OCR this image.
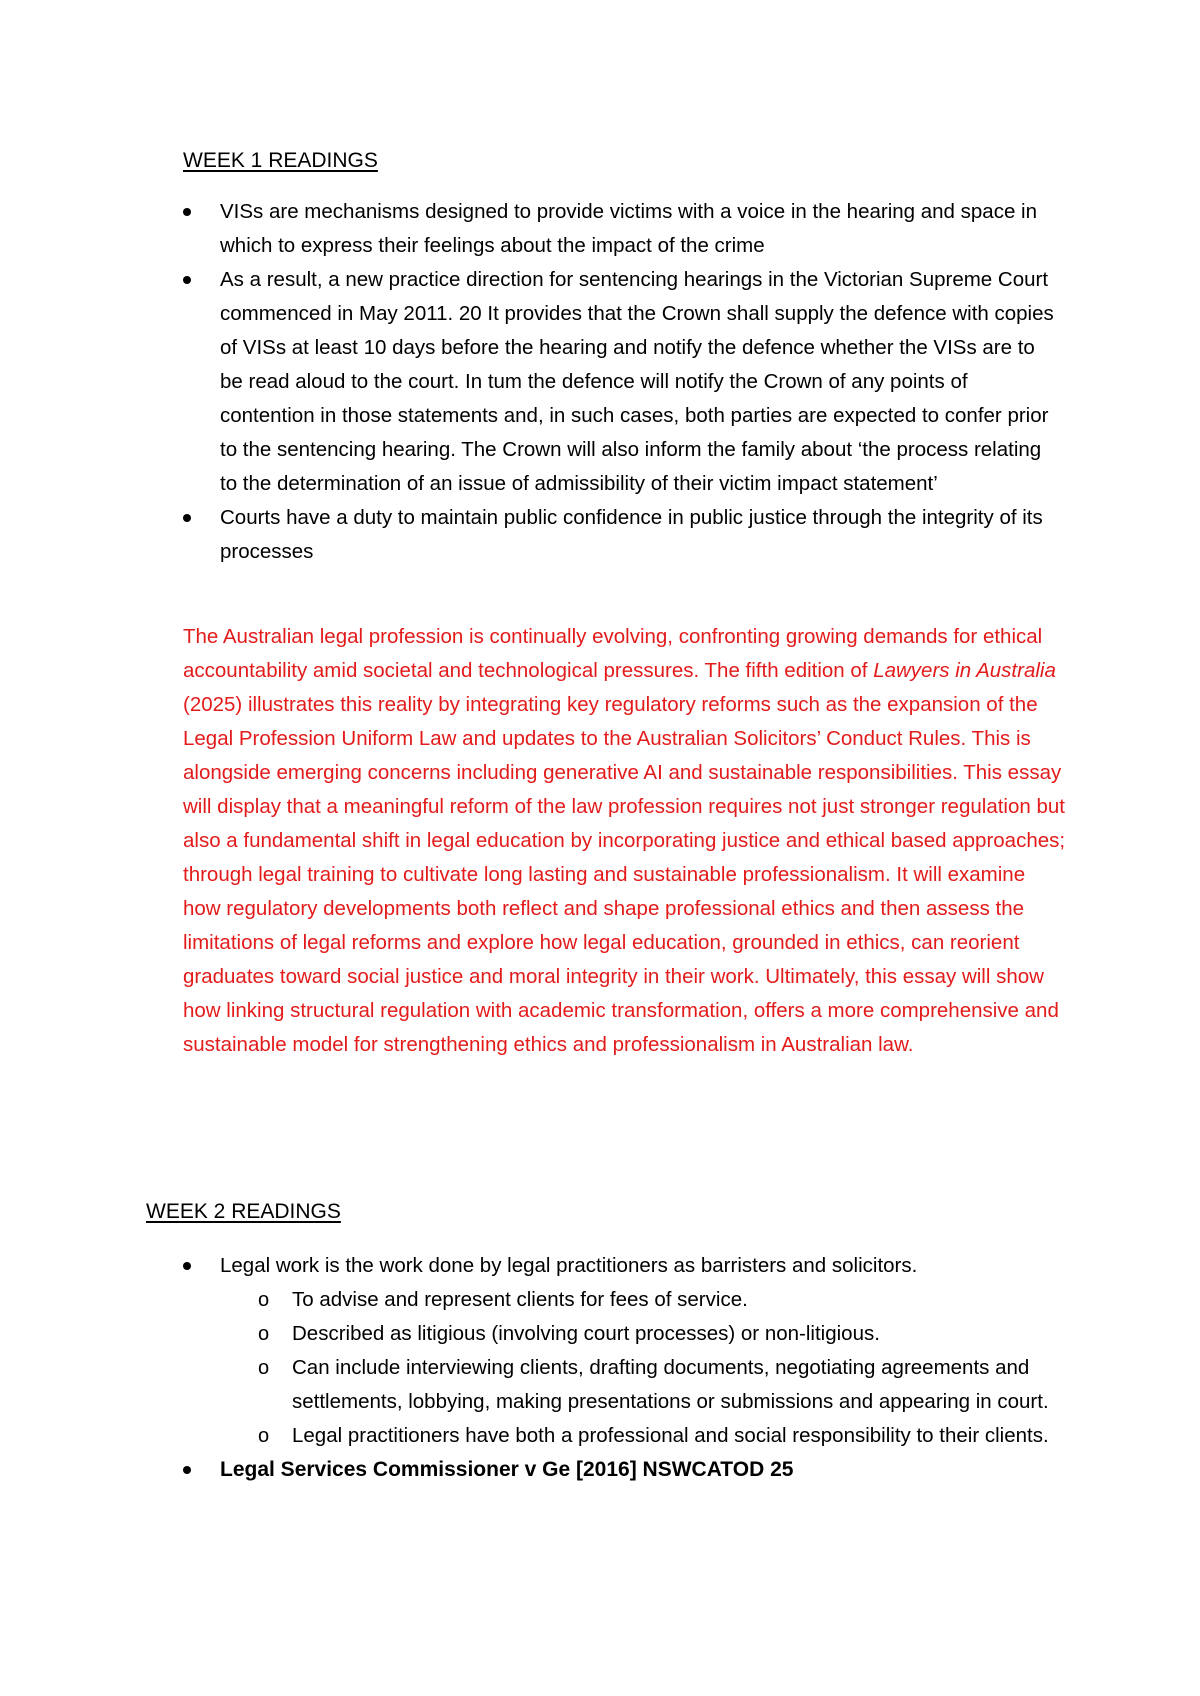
WEEK 1 READINGS
VISs are mechanisms designed to provide victims with a voice in the hearing and space in which to express their feelings about the impact of the crime
As a result, a new practice direction for sentencing hearings in the Victorian Supreme Court commenced in May 2011. 20 It provides that the Crown shall supply the defence with copies of VISs at least 10 days before the hearing and notify the defence whether the VISs are to be read aloud to the court. In tum the defence will notify the Crown of any points of contention in those statements and, in such cases, both parties are expected to confer prior to the sentencing hearing. The Crown will also inform the family about ‘the process relating to the determination of an issue of admissibility of their victim impact statement’
Courts have a duty to maintain public confidence in public justice through the integrity of its processes

The Australian legal profession is continually evolving, confronting growing demands for ethical accountability amid societal and technological pressures. The fifth edition of Lawyers in Australia (2025) illustrates this reality by integrating key regulatory reforms such as the expansion of the Legal Profession Uniform Law and updates to the Australian Solicitors’ Conduct Rules. This is alongside emerging concerns including generative AI and sustainable responsibilities. This essay will display that a meaningful reform of the law profession requires not just stronger regulation but also a fundamental shift in legal education by incorporating justice and ethical based approaches; through legal training to cultivate long lasting and sustainable professionalism. It will examine how regulatory developments both reflect and shape professional ethics and then assess the limitations of legal reforms and explore how legal education, grounded in ethics, can reorient graduates toward social justice and moral integrity in their work. Ultimately, this essay will show how linking structural regulation with academic transformation, offers a more comprehensive and sustainable model for strengthening ethics and professionalism in Australian law.

WEEK 2 READINGS
Legal work is the work done by legal practitioners as barristers and solicitors.
o To advise and represent clients for fees of service.
o Described as litigious (involving court processes) or non-litigious.
o Can include interviewing clients, drafting documents, negotiating agreements and settlements, lobbying, making presentations or submissions and appearing in court.
o Legal practitioners have both a professional and social responsibility to their clients.
Legal Services Commissioner v Ge [2016] NSWCATOD 25
